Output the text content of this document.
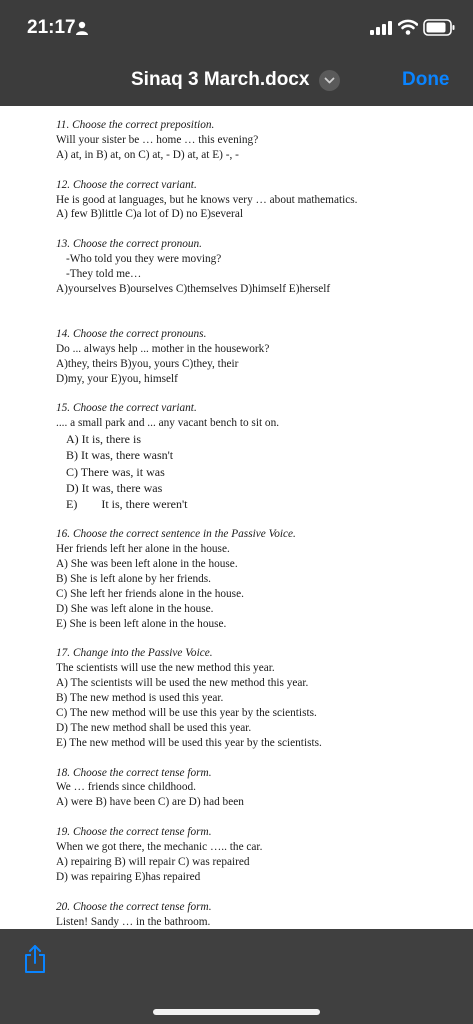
21:17
Sinaq 3 March.docx	Done
11. Choose the correct preposition.
Will your sister be … home … this evening?
A) at, in B) at, on C) at, - D) at, at E) -, -
12. Choose the correct variant.
He is good at languages, but he knows very … about mathematics.
A) few B)little C)a lot of D) no E)several
13. Choose the correct pronoun.
-Who told you they were moving?
-They told me…
A)yourselves B)ourselves C)themselves D)himself E)herself
14. Choose the correct pronouns.
Do ... always help ... mother in the housework?
A)they, theirs B)you, yours C)they, their
D)my, your E)you, himself
15. Choose the correct variant.
.... a small park and ... any vacant bench to sit on.
A) It is, there is
B) It was, there wasn't
C) There was, it was
D) It was, there was
E)        It is, there weren't
16. Choose the correct sentence in the Passive Voice.
Her friends left her alone in the house.
A) She was been left alone in the house.
B) She is left alone by her friends.
C) She left her friends alone in the house.
D) She was left alone in the house.
E) She is been left alone in the house.
17. Change into the Passive Voice.
The scientists will use the new method this year.
A) The scientists will be used the new method this year.
B) The new method is used this year.
C) The new method will be use this year by the scientists.
D) The new method shall be used this year.
E) The new method will be used this year by the scientists.
18. Choose the correct tense form.
We … friends since childhood.
A) were B) have been C) are D) had been
19. Choose the correct tense form.
When we got there, the mechanic ….. the car.
A) repairing B) will repair C) was repaired
D) was repairing E)has repaired
20. Choose the correct tense form.
Listen! Sandy … in the bathroom.
